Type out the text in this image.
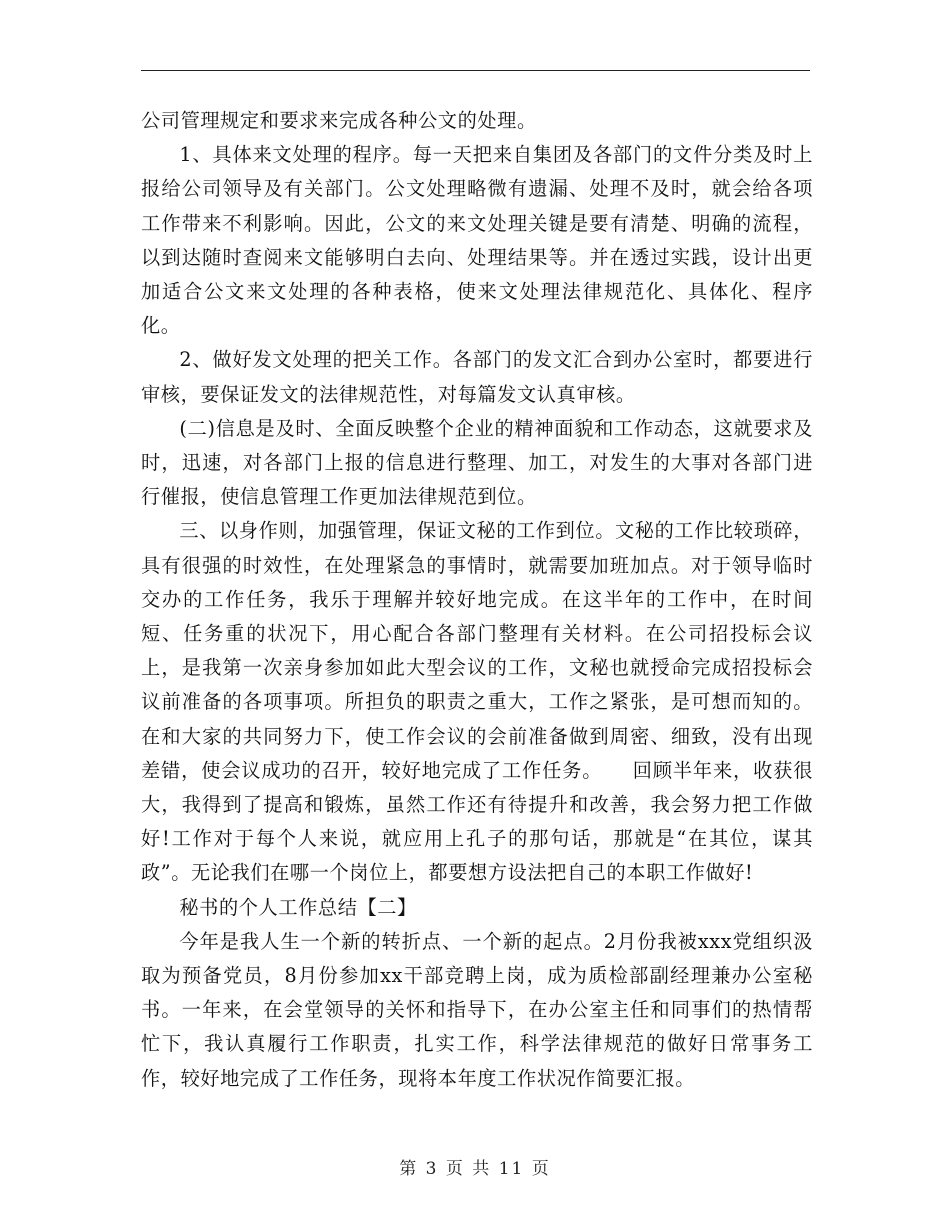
公司管理规定和要求来完成各种公文的处理。

1、具体来文处理的程序。每一天把来自集团及各部门的文件分类及时上报给公司领导及有关部门。公文处理略微有遗漏、处理不及时，就会给各项工作带来不利影响。因此，公文的来文处理关键是要有清楚、明确的流程，以到达随时查阅来文能够明白去向、处理结果等。并在透过实践，设计出更加适合公文来文处理的各种表格，使来文处理法律规范化、具体化、程序化。

2、做好发文处理的把关工作。各部门的发文汇合到办公室时，都要进行审核，要保证发文的法律规范性，对每篇发文认真审核。

(二)信息是及时、全面反映整个企业的精神面貌和工作动态，这就要求及时，迅速，对各部门上报的信息进行整理、加工，对发生的大事对各部门进行催报，使信息管理工作更加法律规范到位。

三、以身作则，加强管理，保证文秘的工作到位。文秘的工作比较琐碎，具有很强的时效性，在处理紧急的事情时，就需要加班加点。对于领导临时交办的工作任务，我乐于理解并较好地完成。在这半年的工作中，在时间短、任务重的状况下，用心配合各部门整理有关材料。在公司招投标会议上，是我第一次亲身参加如此大型会议的工作，文秘也就授命完成招投标会议前准备的各项事项。所担负的职责之重大，工作之紧张，是可想而知的。在和大家的共同努力下，使工作会议的会前准备做到周密、细致，没有出现差错，使会议成功的召开，较好地完成了工作任务。　　回顾半年来，收获很大，我得到了提高和锻炼，虽然工作还有待提升和改善，我会努力把工作做好!工作对于每个人来说，就应用上孔子的那句话，那就是“在其位，谋其政”。无论我们在哪一个岗位上，都要想方设法把自己的本职工作做好!

秘书的个人工作总结【二】

今年是我人生一个新的转折点、一个新的起点。2月份我被xxx党组织汲取为预备党员，8月份参加xx干部竞聘上岗，成为质检部副经理兼办公室秘书。一年来，在会堂领导的关怀和指导下，在办公室主任和同事们的热情帮忙下，我认真履行工作职责，扎实工作，科学法律规范的做好日常事务工作，较好地完成了工作任务，现将本年度工作状况作简要汇报。

第 3 页 共 11 页
